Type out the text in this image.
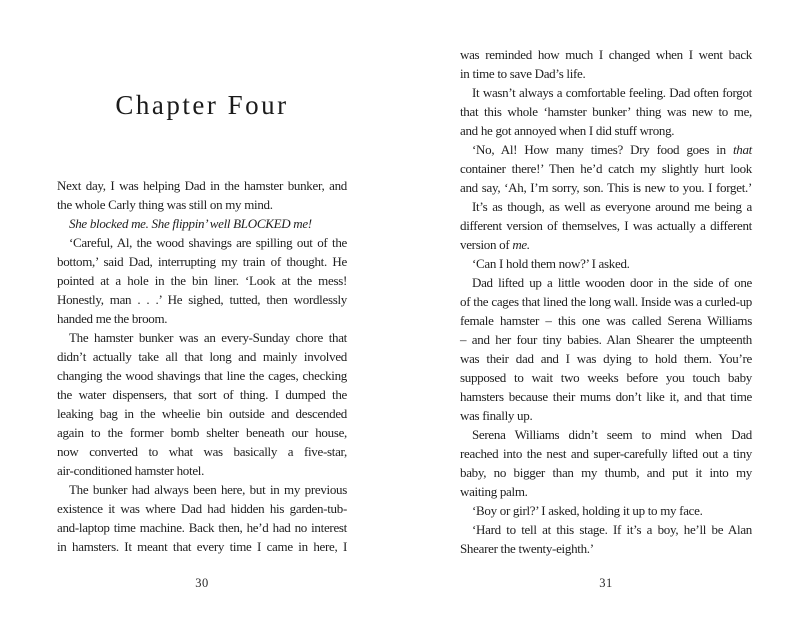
Chapter Four
Next day, I was helping Dad in the hamster bunker, and
the whole Carly thing was still on my mind.
She blocked me. She flippin’ well BLOCKED me!
‘Careful, Al, the wood shavings are spilling out of the
bottom,’ said Dad, interrupting my train of thought. He
pointed at a hole in the bin liner. ‘Look at the mess!
Honestly, man . . .’ He sighed, tutted, then wordlessly
handed me the broom.
The hamster bunker was an every-Sunday chore that
didn’t actually take all that long and mainly involved
changing the wood shavings that line the cages, checking
the water dispensers, that sort of thing. I dumped the
leaking bag in the wheelie bin outside and descended
again to the former bomb shelter beneath our house,
now converted to what was basically a five-star,
air-conditioned hamster hotel.
The bunker had always been here, but in my previous
existence it was where Dad had hidden his garden-tub-
and-laptop time machine. Back then, he’d had no interest
in hamsters. It meant that every time I came in here, I
30
was reminded how much I changed when I went back
in time to save Dad’s life.
It wasn’t always a comfortable feeling. Dad often forgot
that this whole ‘hamster bunker’ thing was new to me,
and he got annoyed when I did stuff wrong.
‘No, Al! How many times? Dry food goes in that
container there!’ Then he’d catch my slightly hurt look
and say, ‘Ah, I’m sorry, son. This is new to you. I forget.’
It’s as though, as well as everyone around me being a
different version of themselves, I was actually a different
version of me.
‘Can I hold them now?’ I asked.
Dad lifted up a little wooden door in the side of one
of the cages that lined the long wall. Inside was a curled-up
female hamster – this one was called Serena Williams
– and her four tiny babies. Alan Shearer the umpteenth
was their dad and I was dying to hold them. You’re
supposed to wait two weeks before you touch baby
hamsters because their mums don’t like it, and that time
was finally up.
Serena Williams didn’t seem to mind when Dad
reached into the nest and super-carefully lifted out a tiny
baby, no bigger than my thumb, and put it into my
waiting palm.
‘Boy or girl?’ I asked, holding it up to my face.
‘Hard to tell at this stage. If it’s a boy, he’ll be Alan
Shearer the twenty-eighth.’
31
